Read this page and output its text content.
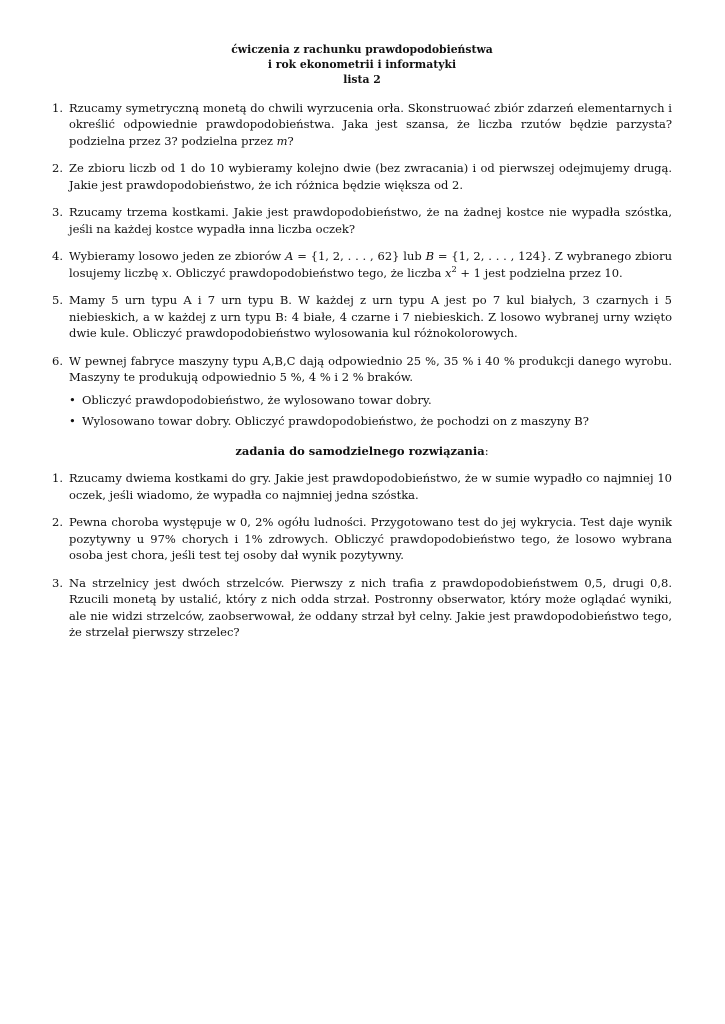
ćwiczenia z rachunku prawdopodobieństwa
i rok ekonometrii i informatyki
lista 2
1. Rzucamy symetryczną monetą do chwili wyrzucenia orła. Skonstruować zbiór zdarzeń elementarnych i określić odpowiednie prawdopodobieństwa. Jaka jest szansa, że liczba rzutów będzie parzysta? podzielna przez 3? podzielna przez m?
2. Ze zbioru liczb od 1 do 10 wybieramy kolejno dwie (bez zwracania) i od pierwszej odejmujemy drugą. Jakie jest prawdopodobieństwo, że ich różnica będzie większa od 2.
3. Rzucamy trzema kostkami. Jakie jest prawdopodobieństwo, że na żadnej kostce nie wypadła szóstka, jeśli na każdej kostce wypadła inna liczba oczek?
4. Wybieramy losowo jeden ze zbiorów A = {1, 2, . . . , 62} lub B = {1, 2, . . . , 124}. Z wybranego zbioru losujemy liczbę x. Obliczyć prawdopodobieństwo tego, że liczba $x^2 + 1$ jest podzielna przez 10.
5. Mamy 5 urn typu A i 7 urn typu B. W każdej z urn typu A jest po 7 kul białych, 3 czarnych i 5 niebieskich, a w każdej z urn typu B: 4 białe, 4 czarne i 7 niebieskich. Z losowo wybranej urny wzięto dwie kule. Obliczyć prawdopodobieństwo wylosowania kul różnokolorowych.
6. W pewnej fabryce maszyny typu A,B,C dają odpowiednio 25 %, 35 % i 40 % produkcji danego wyrobu. Maszyny te produkują odpowiednio 5 %, 4 % i 2 % braków.
• Obliczyć prawdopodobieństwo, że wylosowano towar dobry.
• Wylosowano towar dobry. Obliczyć prawdopodobieństwo, że pochodzi on z maszyny B?
zadania do samodzielnego rozwiązania:
1. Rzucamy dwiema kostkami do gry. Jakie jest prawdopodobieństwo, że w sumie wypadło co najmniej 10 oczek, jeśli wiadomo, że wypadła co najmniej jedna szóstka.
2. Pewna choroba występuje w 0, 2% ogółu ludności. Przygotowano test do jej wykrycia. Test daje wynik pozytywny u 97% chorych i 1% zdrowych. Obliczyć prawdopodobieństwo tego, że losowo wybrana osoba jest chora, jeśli test tej osoby dał wynik pozytywny.
3. Na strzelnicy jest dwóch strzelców. Pierwszy z nich trafia z prawdopodobieństwem 0,5, drugi 0,8. Rzucili monetą by ustalić, który z nich odda strzał. Postronny obserwator, który może oglądać wyniki, ale nie widzi strzelców, zaobserwował, że oddany strzał był celny. Jakie jest prawdopodobieństwo tego, że strzelał pierwszy strzelec?
